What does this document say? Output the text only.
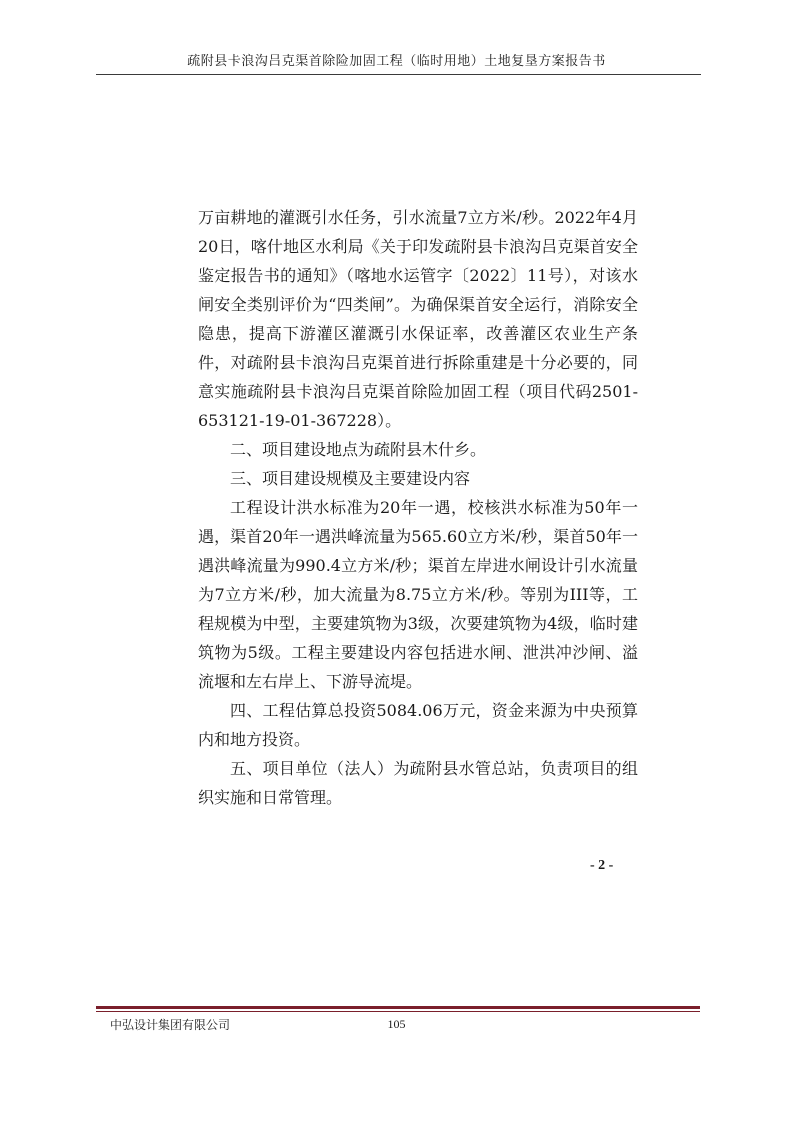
疏附县卡浪沟吕克渠首除险加固工程（临时用地）土地复垦方案报告书

万亩耕地的灌溉引水任务，引水流量7立方米/秒。2022年4月20日，喀什地区水利局《关于印发疏附县卡浪沟吕克渠首安全鉴定报告书的通知》（喀地水运管字〔2022〕11号），对该水闸安全类别评价为“四类闸”。为确保渠首安全运行，消除安全隐患，提高下游灌区灌溉引水保证率，改善灌区农业生产条件，对疏附县卡浪沟吕克渠首进行拆除重建是十分必要的，同意实施疏附县卡浪沟吕克渠首除险加固工程（项目代码2501-653121-19-01-367228）。

二、项目建设地点为疏附县木什乡。

三、项目建设规模及主要建设内容

工程设计洪水标准为20年一遇，校核洪水标准为50年一遇，渠首20年一遇洪峰流量为565.60立方米/秒，渠首50年一遇洪峰流量为990.4立方米/秒；渠首左岸进水闸设计引水流量为7立方米/秒，加大流量为8.75立方米/秒。等别为III等，工程规模为中型，主要建筑物为3级，次要建筑物为4级，临时建筑物为5级。工程主要建设内容包括进水闸、泄洪冲沙闸、溢流堰和左右岸上、下游导流堤。

四、工程估算总投资5084.06万元，资金来源为中央预算内和地方投资。

五、项目单位（法人）为疏附县水管总站，负责项目的组织实施和日常管理。

- 2 -
中弘设计集团有限公司	105
